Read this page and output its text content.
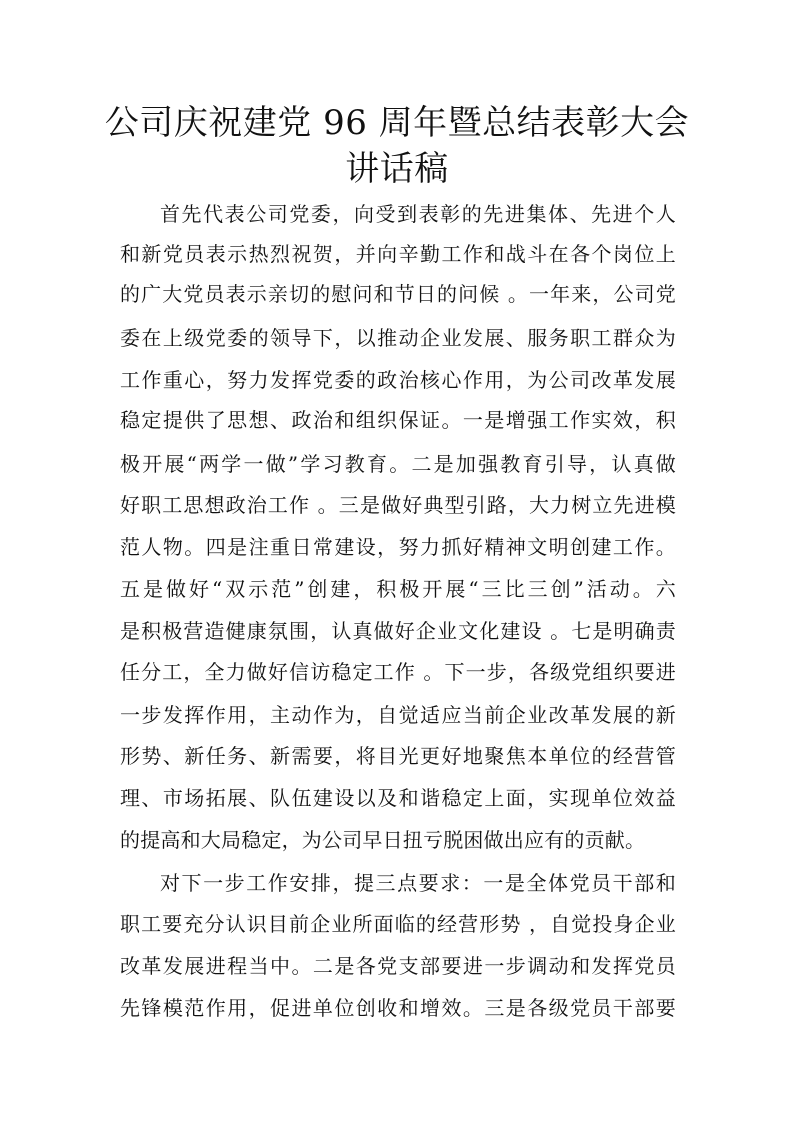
公司庆祝建党 96 周年暨总结表彰大会
讲话稿
首先代表公司党委，向受到表彰的先进集体、先进个人
和新党员表示热烈祝贺，并向辛勤工作和战斗在各个岗位上
的广大党员表示亲切的慰问和节日的问候 。一年来，公司党
委在上级党委的领导下，以推动企业发展、服务职工群众为
工作重心，努力发挥党委的政治核心作用，为公司改革发展
稳定提供了思想、政治和组织保证。一是增强工作实效，积
极开展“两学一做”学习教育。二是加强教育引导，认真做
好职工思想政治工作 。三是做好典型引路，大力树立先进模
范人物。四是注重日常建设，努力抓好精神文明创建工作。
五是做好“双示范”创建，积极开展“三比三创”活动。六
是积极营造健康氛围，认真做好企业文化建设 。七是明确责
任分工，全力做好信访稳定工作 。下一步，各级党组织要进
一步发挥作用，主动作为，自觉适应当前企业改革发展的新
形势、新任务、新需要，将目光更好地聚焦本单位的经营管
理、市场拓展、队伍建设以及和谐稳定上面，实现单位效益
的提高和大局稳定，为公司早日扭亏脱困做出应有的贡献。
对下一步工作安排，提三点要求：一是全体党员干部和
职工要充分认识目前企业所面临的经营形势 ，自觉投身企业
改革发展进程当中。二是各党支部要进一步调动和发挥党员
先锋模范作用，促进单位创收和增效。三是各级党员干部要
